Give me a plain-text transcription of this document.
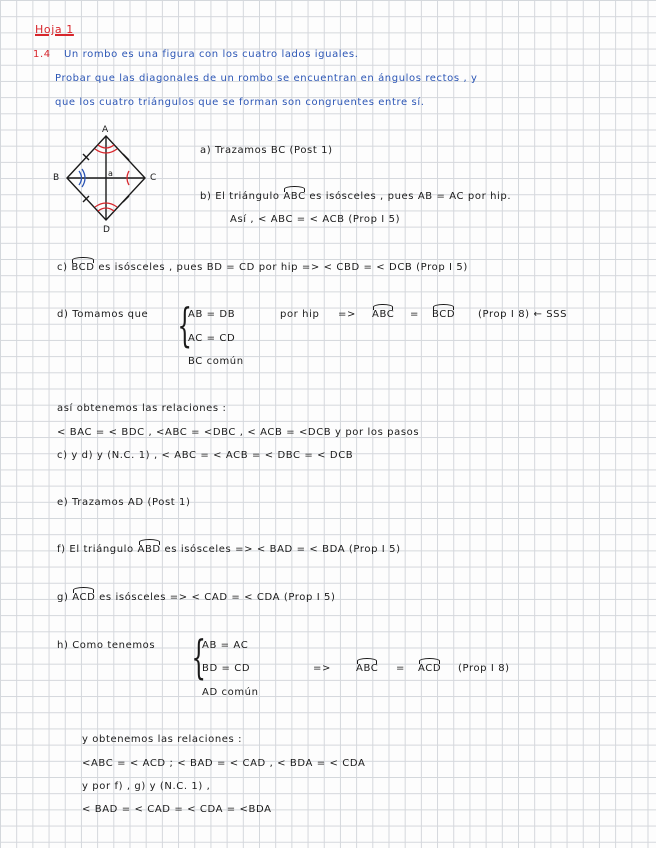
Hoja 1
1.4 Un rombo es una figura con los cuatro lados iguales.
Probar que las diagonales de un rombo se encuentran en ángulos rectos , y
que los cuatro triángulos que se forman son congruentes entre sí.
A
B	C
D
a
a) Trazamos BC (Post 1)
b) El triángulo ABC es isósceles , pues AB = AC por hip.
Así , < ABC = < ACB (Prop I 5)
c) BCD es isósceles , pues BD = CD por hip => < CBD = < DCB (Prop I 5)
d) Tomamos que {
AB = DB
AC = CD
BC común
por hip => ABC = BCD (Prop I 8) ← SSS
así obtenemos las relaciones :
< BAC = < BDC , <ABC = <DBC , < ACB = <DCB y por los pasos
c) y d) y (N.C. 1) , < ABC = < ACB = < DBC = < DCB
e) Trazamos AD (Post 1)
f) El triángulo ABD es isósceles => < BAD = < BDA (Prop I 5)
g) ACD es isósceles => < CAD = < CDA (Prop I 5)
h) Como tenemos {
AB = AC
BD = CD
AD común
=>	ABC = ACD (Prop I 8)
y obtenemos las relaciones :
<ABC = < ACD ; < BAD = < CAD , < BDA = < CDA
y por f) , g) y (N.C. 1) ,
< BAD = < CAD = < CDA = <BDA
